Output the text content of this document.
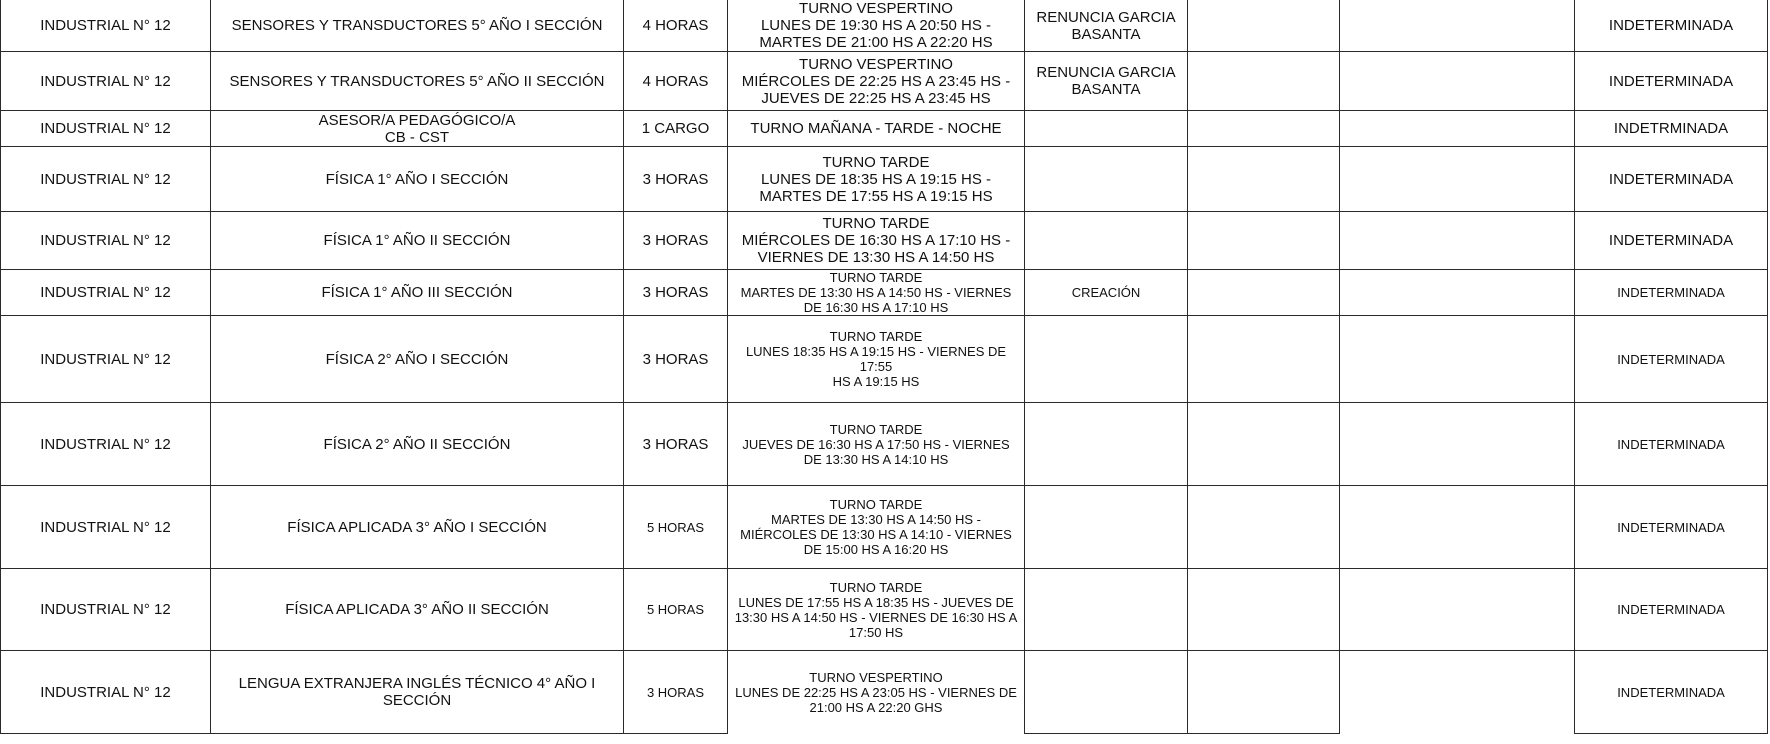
INDUSTRIAL N° 12	SENSORES Y TRANSDUCTORES 5° AÑO I SECCIÓN	4 HORAS	TURNO VESPERTINO
LUNES DE 19:30 HS A 20:50 HS -
MARTES DE 21:00 HS A 22:20 HS	RENUNCIA GARCIA
BASANTA			INDETERMINADA
INDUSTRIAL N° 12	SENSORES Y TRANSDUCTORES 5° AÑO II SECCIÓN	4 HORAS	TURNO VESPERTINO
MIÉRCOLES DE 22:25 HS A 23:45 HS -
JUEVES DE 22:25 HS A 23:45 HS	RENUNCIA GARCIA
BASANTA			INDETERMINADA
INDUSTRIAL N° 12	ASESOR/A PEDAGÓGICO/A
CB - CST	1 CARGO	TURNO MAÑANA - TARDE - NOCHE				INDETRMINADA
INDUSTRIAL N° 12	FÍSICA 1° AÑO I SECCIÓN	3 HORAS	TURNO TARDE
LUNES DE 18:35 HS A 19:15 HS -
MARTES DE 17:55 HS A 19:15 HS				INDETERMINADA
INDUSTRIAL N° 12	FÍSICA 1° AÑO II SECCIÓN	3 HORAS	TURNO TARDE
MIÉRCOLES DE 16:30 HS A 17:10 HS -
VIERNES DE 13:30 HS A 14:50 HS				INDETERMINADA
INDUSTRIAL N° 12	FÍSICA 1° AÑO III SECCIÓN	3 HORAS	TURNO TARDE
MARTES DE 13:30 HS A 14:50 HS - VIERNES
DE 16:30 HS A 17:10 HS	CREACIÓN			INDETERMINADA
INDUSTRIAL N° 12	FÍSICA 2° AÑO I SECCIÓN	3 HORAS	TURNO TARDE
LUNES 18:35 HS A 19:15 HS - VIERNES DE 17:55
HS A 19:15 HS				INDETERMINADA
INDUSTRIAL N° 12	FÍSICA 2° AÑO II SECCIÓN	3 HORAS	TURNO TARDE
JUEVES DE 16:30 HS A 17:50 HS - VIERNES
DE 13:30 HS A 14:10 HS				INDETERMINADA
INDUSTRIAL N° 12	FÍSICA APLICADA 3° AÑO I SECCIÓN	5 HORAS	TURNO TARDE
MARTES DE 13:30 HS A 14:50 HS -
MIÉRCOLES DE 13:30 HS A 14:10 - VIERNES
DE 15:00 HS A 16:20 HS				INDETERMINADA
INDUSTRIAL N° 12	FÍSICA APLICADA 3° AÑO II SECCIÓN	5 HORAS	TURNO TARDE
LUNES DE 17:55 HS A 18:35 HS - JUEVES DE
13:30 HS A 14:50 HS - VIERNES DE 16:30 HS A
17:50 HS				INDETERMINADA
INDUSTRIAL N° 12	LENGUA EXTRANJERA INGLÉS TÉCNICO 4° AÑO I
SECCIÓN	3 HORAS	TURNO VESPERTINO
LUNES DE 22:25 HS A 23:05 HS - VIERNES DE
21:00 HS A 22:20 GHS				INDETERMINADA
